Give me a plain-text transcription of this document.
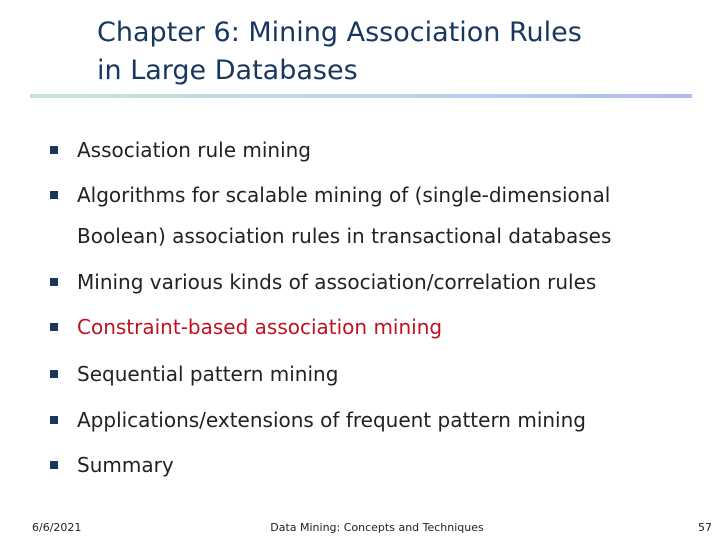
Chapter 6: Mining Association Rules
in Large Databases
Association rule mining
Algorithms for scalable mining of (single-dimensional
Boolean) association rules in transactional databases
Mining various kinds of association/correlation rules
Constraint-based association mining
Sequential pattern mining
Applications/extensions of frequent pattern mining
Summary
6/6/2021	Data Mining: Concepts and Techniques	57
